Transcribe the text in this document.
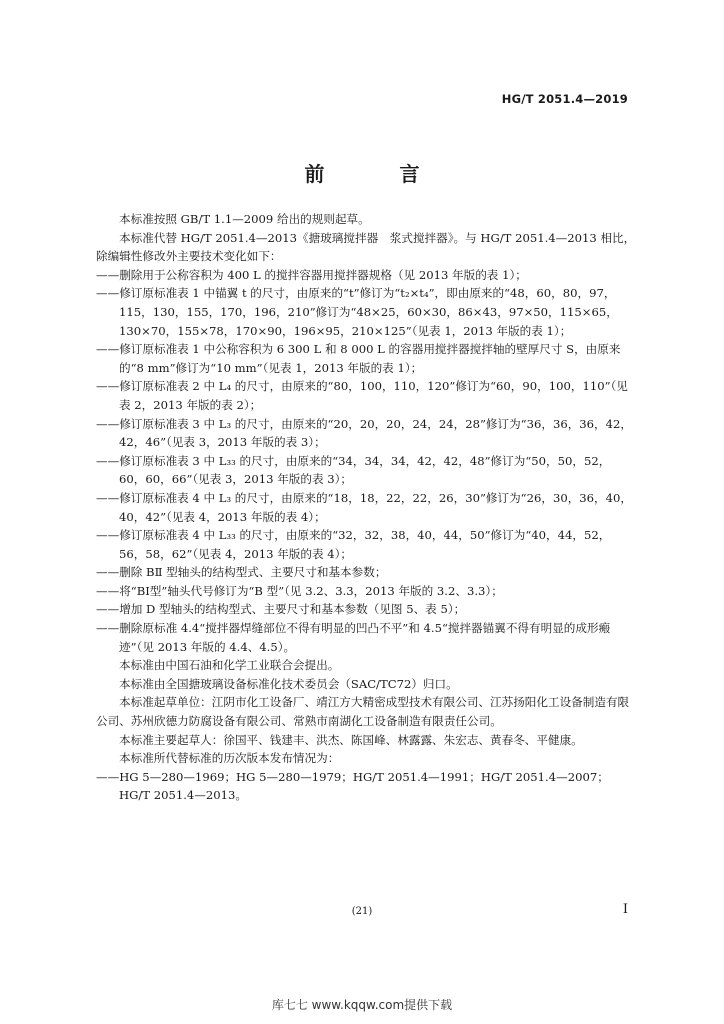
HG/T 2051.4—2019
前 言

本标准按照 GB/T 1.1—2009 给出的规则起草。

本标准代替 HG/T 2051.4—2013《搪玻璃搅拌器　浆式搅拌器》。与 HG/T 2051.4—2013 相比，除编辑性修改外主要技术变化如下：

——删除用于公称容积为 400 L 的搅拌容器用搅拌器规格（见 2013 年版的表 1）；

——修订原标准表 1 中锚翼 t 的尺寸，由原来的“t”修订为“t₂×t₄”，即由原来的“48，60，80，97，115，130，155，170，196，210”修订为“48×25，60×30，86×43，97×50，115×65，130×70，155×78，170×90，196×95，210×125”（见表 1，2013 年版的表 1）；

——修订原标准表 1 中公称容积为 6 300 L 和 8 000 L 的容器用搅拌器搅拌轴的壁厚尺寸 S，由原来的“8 mm”修订为“10 mm”（见表 1，2013 年版的表 1）；

——修订原标准表 2 中 L₄ 的尺寸，由原来的“80，100，110，120”修订为“60，90，100，110”（见表 2，2013 年版的表 2）；

——修订原标准表 3 中 L₃ 的尺寸，由原来的“20，20，20，24，24，28”修订为“36，36，36，42，42，46”（见表 3，2013 年版的表 3）；

——修订原标准表 3 中 L₃₃ 的尺寸，由原来的“34，34，34，42，42，48”修订为“50，50，52，60，60，66”（见表 3，2013 年版的表 3）；

——修订原标准表 4 中 L₃ 的尺寸，由原来的“18，18，22，22，26，30”修订为“26，30，36，40，40，42”（见表 4，2013 年版的表 4）；

——修订原标准表 4 中 L₃₃ 的尺寸，由原来的“32，32，38，40，44，50”修订为“40，44，52，56，58，62”（见表 4，2013 年版的表 4）；

——删除 BⅡ 型轴头的结构型式、主要尺寸和基本参数；

——将“BⅠ型”轴头代号修订为“B 型”（见 3.2、3.3，2013 年版的 3.2、3.3）；

——增加 D 型轴头的结构型式、主要尺寸和基本参数（见图 5、表 5）；

——删除原标准 4.4“搅拌器焊缝部位不得有明显的凹凸不平”和 4.5“搅拌器锚翼不得有明显的成形瘢迹”（见 2013 年版的 4.4、4.5）。

本标准由中国石油和化学工业联合会提出。

本标准由全国搪玻璃设备标准化技术委员会（SAC/TC72）归口。

本标准起草单位：江阴市化工设备厂、靖江方大精密成型技术有限公司、江苏扬阳化工设备制造有限公司、苏州欣德力防腐设备有限公司、常熟市南湖化工设备制造有限责任公司。

本标准主要起草人：徐国平、钱建丰、洪杰、陈国峰、林露露、朱宏志、黄春冬、平健康。

本标准所代替标准的历次版本发布情况为：

——HG 5—280—1969；HG 5—280—1979；HG/T 2051.4—1991；HG/T 2051.4—2007；HG/T 2051.4—2013。

(21)	I
库七七 www.kqqw.com提供下载
